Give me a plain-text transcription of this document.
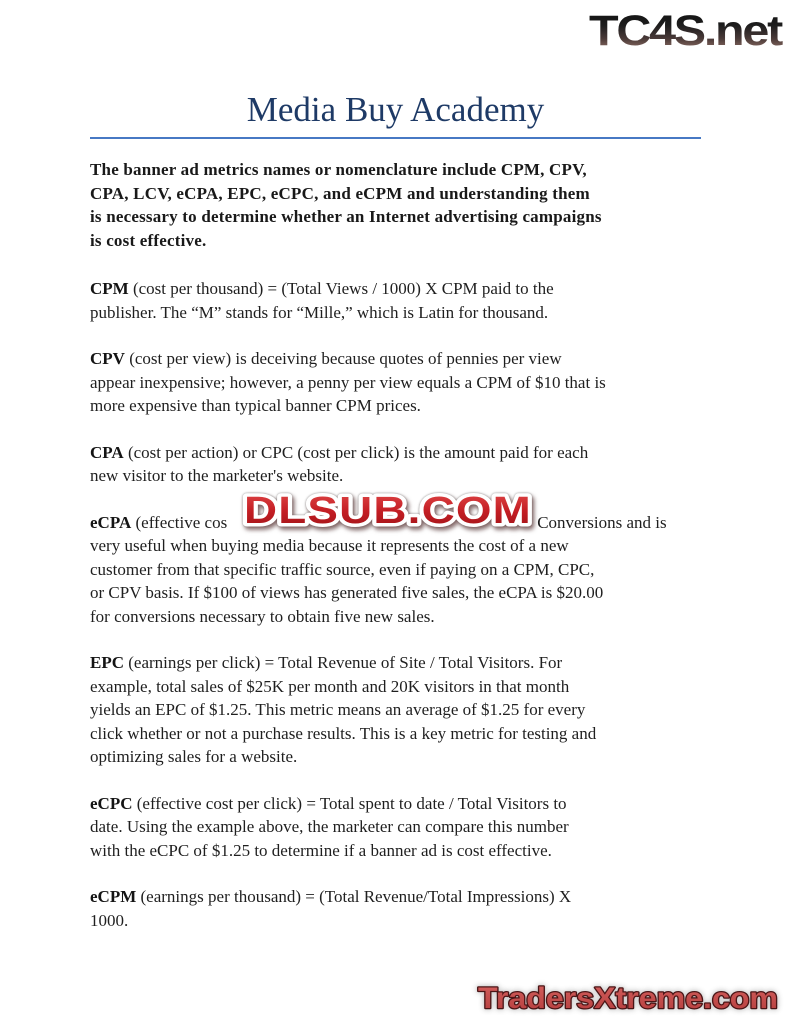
TC4S.net
Media Buy Academy
The banner ad metrics names or nomenclature include CPM, CPV,
CPA, LCV, eCPA, EPC, eCPC, and eCPM and understanding them
is necessary to determine whether an Internet advertising campaigns
is cost effective.
CPM (cost per thousand) = (Total Views / 1000) X CPM paid to the
publisher. The “M” stands for “Mille,” which is Latin for thousand.
CPV (cost per view) is deceiving because quotes of pennies per view
appear inexpensive; however, a penny per view equals a CPM of $10 that is
more expensive than typical banner CPM prices.
CPA (cost per action) or CPC (cost per click) is the amount paid for each
new visitor to the marketer's website.
eCPA (effective cos	Conversions and is
very useful when buying media because it represents the cost of a new
customer from that specific traffic source, even if paying on a CPM, CPC,
or CPV basis. If $100 of views has generated five sales, the eCPA is $20.00
for conversions necessary to obtain five new sales.
EPC (earnings per click) = Total Revenue of Site / Total Visitors. For
example, total sales of $25K per month and 20K visitors in that month
yields an EPC of $1.25. This metric means an average of $1.25 for every
click whether or not a purchase results. This is a key metric for testing and
optimizing sales for a website.
eCPC (effective cost per click) = Total spent to date / Total Visitors to
date. Using the example above, the marketer can compare this number
with the eCPC of $1.25 to determine if a banner ad is cost effective.
eCPM (earnings per thousand) = (Total Revenue/Total Impressions) X
1000.
DLSUB.COM
TradersXtreme.com
